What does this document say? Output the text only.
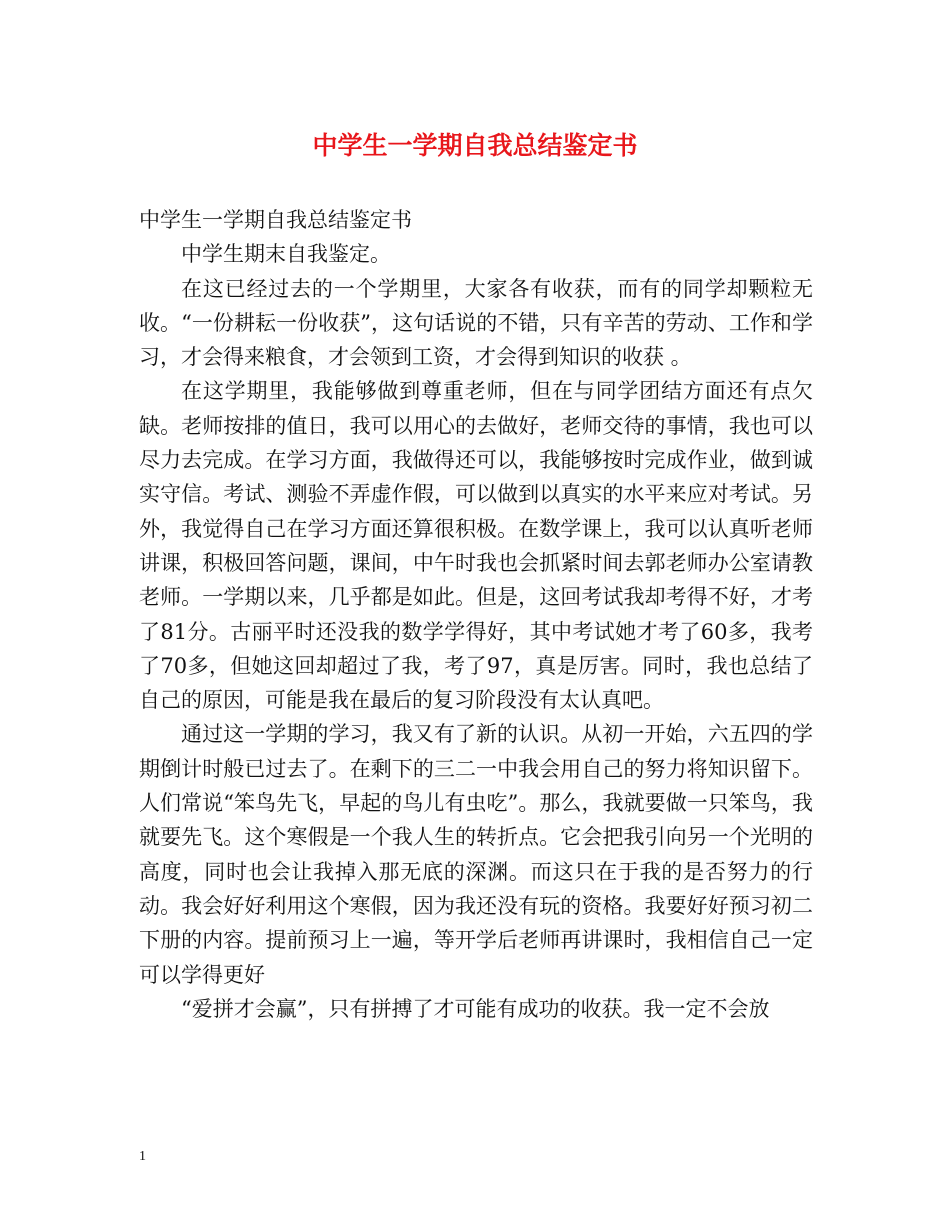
中学生一学期自我总结鉴定书

中学生一学期自我总结鉴定书

中学生期末自我鉴定。

在这已经过去的一个学期里，大家各有收获，而有的同学却颗粒无收。“一份耕耘一份收获”，这句话说的不错，只有辛苦的劳动、工作和学习，才会得来粮食，才会领到工资，才会得到知识的收获 。

在这学期里，我能够做到尊重老师，但在与同学团结方面还有点欠缺。老师按排的值日，我可以用心的去做好，老师交待的事情，我也可以尽力去完成。在学习方面，我做得还可以，我能够按时完成作业，做到诚实守信。考试、测验不弄虚作假，可以做到以真实的水平来应对考试。另外，我觉得自己在学习方面还算很积极。在数学课上，我可以认真听老师讲课，积极回答问题，课间，中午时我也会抓紧时间去郭老师办公室请教老师。一学期以来，几乎都是如此。但是，这回考试我却考得不好，才考了81分。古丽平时还没我的数学学得好，其中考试她才考了60多，我考了70多，但她这回却超过了我，考了97，真是厉害。同时，我也总结了自己的原因，可能是我在最后的复习阶段没有太认真吧。

通过这一学期的学习，我又有了新的认识。从初一开始，六五四的学期倒计时般已过去了。在剩下的三二一中我会用自己的努力将知识留下。人们常说“笨鸟先飞，早起的鸟儿有虫吃”。那么，我就要做一只笨鸟，我就要先飞。这个寒假是一个我人生的转折点。它会把我引向另一个光明的高度，同时也会让我掉入那无底的深渊。而这只在于我的是否努力的行动。我会好好利用这个寒假，因为我还没有玩的资格。我要好好预习初二下册的内容。提前预习上一遍，等开学后老师再讲课时，我相信自己一定可以学得更好

“爱拼才会赢”，只有拼搏了才可能有成功的收获。我一定不会放

1
